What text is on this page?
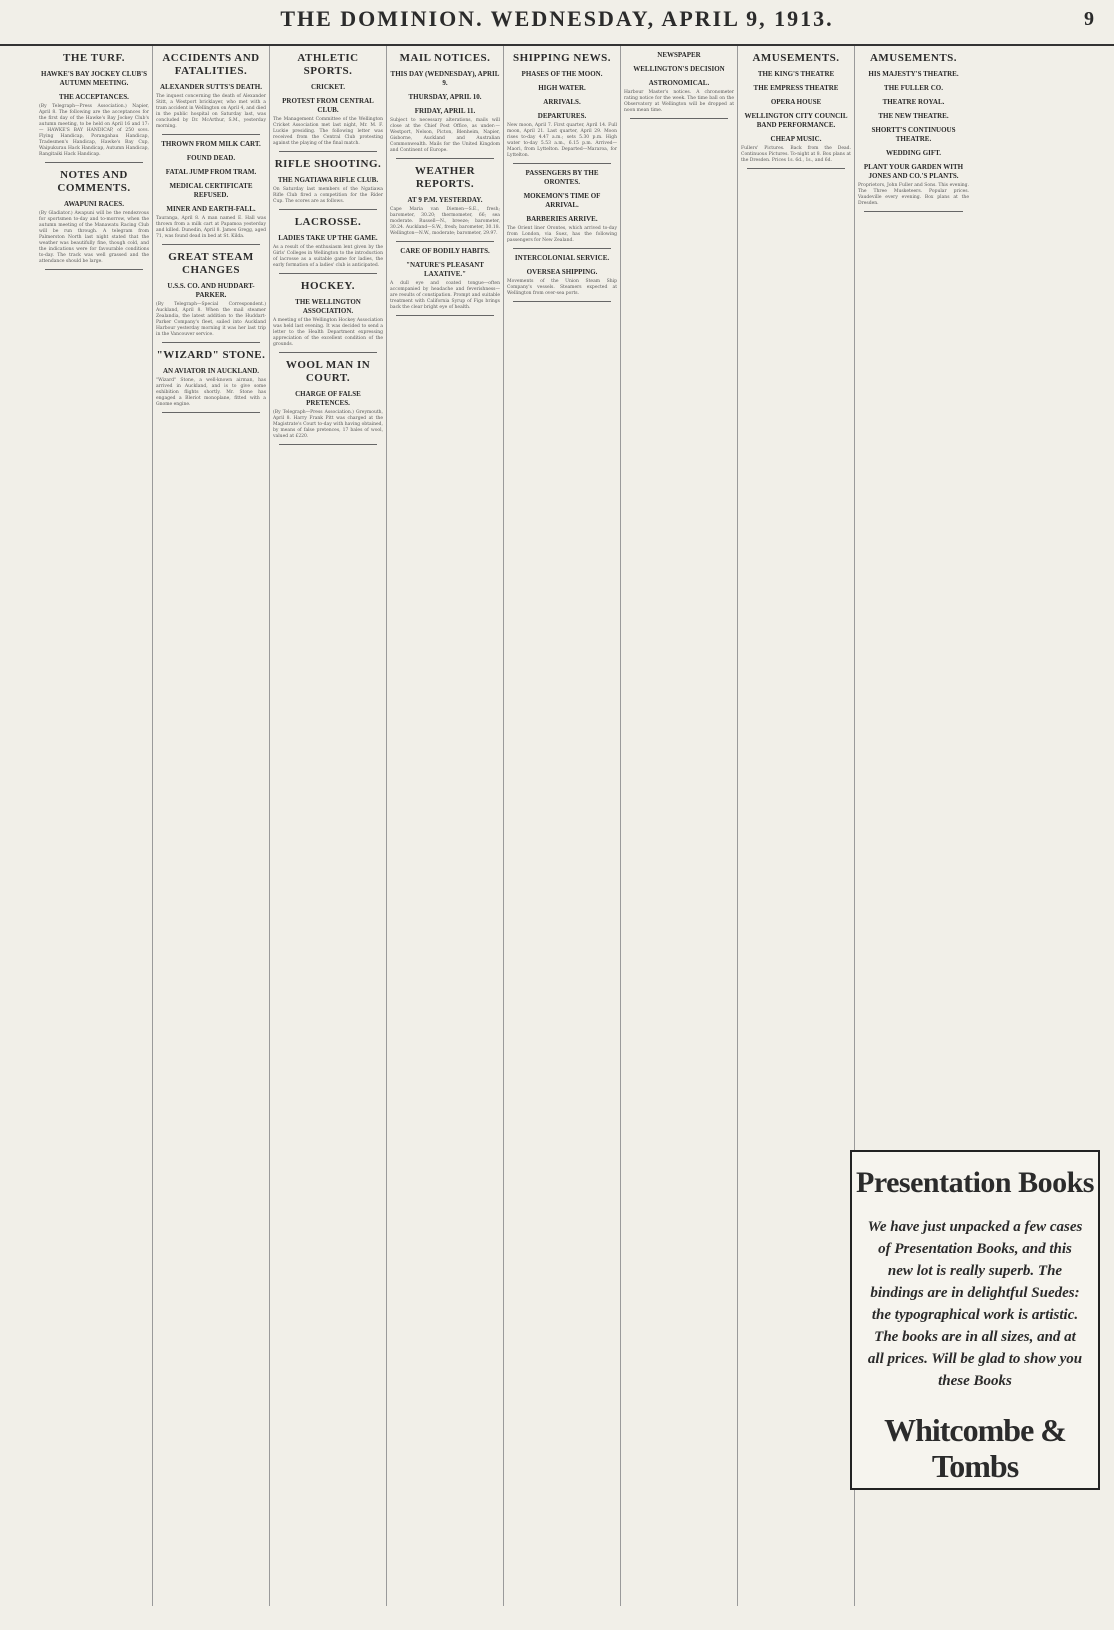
THE DOMINION. WEDNESDAY, APRIL 9, 1913.	9
THE TURF.
HAWKE'S BAY JOCKEY CLUB'S AUTUMN MEETING.
THE ACCEPTANCES.
(By Telegraph—Press Association.) Napier, April 8. The following are the acceptances for the first day of the Hawke's Bay Jockey Club's autumn meeting, to be held on April 16 and 17:— HAWKE'S BAY HANDICAP, of 250 sovs. Flying Handicap, Porangahau Handicap, Tradesmen's Handicap, Hawke's Bay Cup, Waipukurau Hack Handicap, Autumn Handicap, Rangitaiki Hack Handicap.
NOTES AND COMMENTS.
AWAPUNI RACES.
(By Gladiator.) Awapuni will be the rendezvous for sportsmen to-day and to-morrow, when the autumn meeting of the Manawatu Racing Club will be run through. A telegram from Palmerston North last night stated that the weather was beautifully fine, though cold, and the indications were for favourable conditions to-day. The track was well grassed and the attendance should be large.
ACCIDENTS AND FATALITIES.
ALEXANDER SUTTS'S DEATH.
The inquest concerning the death of Alexander Stitt, a Westport bricklayer, who met with a tram accident in Wellington on April 4, and died in the public hospital on Saturday last, was concluded by Dr. McArthur, S.M., yesterday morning.
THROWN FROM MILK CART.
FOUND DEAD.
FATAL JUMP FROM TRAM.
MEDICAL CERTIFICATE REFUSED.
MINER AND EARTH-FALL.
Tauranga, April 8. A man named E. Hall was thrown from a milk cart at Papamoa yesterday and killed. Dunedin, April 8. James Gregg, aged 71, was found dead in bed at St. Kilda.
GREAT STEAM CHANGES
U.S.S. CO. AND HUDDART-PARKER.
(By Telegraph—Special Correspondent.) Auckland, April 8. When the mail steamer Zealandia, the latest addition to the Huddart-Parker Company's fleet, sailed into Auckland Harbour yesterday morning it was her last trip in the Vancouver service.
"WIZARD" STONE.
AN AVIATOR IN AUCKLAND.
"Wizard" Stone, a well-known airman, has arrived in Auckland, and is to give some exhibition flights shortly. Mr. Stone has engaged a Bleriot monoplane, fitted with a Gnome engine.
ATHLETIC SPORTS.
CRICKET.
PROTEST FROM CENTRAL CLUB.
The Management Committee of the Wellington Cricket Association met last night, Mr. M. F. Luckie presiding. The following letter was received from the Central Club protesting against the playing of the final match.
RIFLE SHOOTING.
THE NGATIAWA RIFLE CLUB.
On Saturday last members of the Ngatiawa Rifle Club fired a competition for the Rider Cup. The scores are as follows.
LACROSSE.
LADIES TAKE UP THE GAME.
As a result of the enthusiasm lent given by the Girls' Colleges in Wellington to the introduction of lacrosse as a suitable game for ladies, the early formation of a ladies' club is anticipated.
HOCKEY.
THE WELLINGTON ASSOCIATION.
A meeting of the Wellington Hockey Association was held last evening. It was decided to send a letter to the Health Department expressing appreciation of the excellent condition of the grounds.
WOOL MAN IN COURT.
CHARGE OF FALSE PRETENCES.
(By Telegraph—Press Association.) Greymouth, April 8. Harry Frank Pitt was charged at the Magistrate's Court to-day with having obtained, by means of false pretences, 17 bales of wool, valued at £220.
MAIL NOTICES.
THIS DAY (WEDNESDAY), APRIL 9.
THURSDAY, APRIL 10.
FRIDAY, APRIL 11.
Subject to necessary alterations, mails will close at the Chief Post Office, as under:— Westport, Nelson, Picton, Blenheim, Napier, Gisborne, Auckland and Australian Commonwealth. Mails for the United Kingdom and Continent of Europe.
WEATHER REPORTS.
AT 9 P.M. YESTERDAY.
Cape Maria van Diemen—S.E., fresh; barometer, 30.20; thermometer, 66; sea moderate. Russell—N., breeze; barometer, 30.24. Auckland—S.W., fresh; barometer, 30.18. Wellington—N.W., moderate; barometer, 29.97.
CARE OF BODILY HABITS.
"NATURE'S PLEASANT LAXATIVE."
A dull eye and coated tongue—often accompanied by headache and feverishness—are results of constipation. Prompt and suitable treatment with California Syrup of Figs brings back the clear bright eye of health.
SHIPPING NEWS.
PHASES OF THE MOON.
HIGH WATER.
ARRIVALS.
DEPARTURES.
New moon, April 7. First quarter, April 14. Full moon, April 21. Last quarter, April 29. Moon rises to-day 4.47 a.m.; sets 5.30 p.m. High water to-day 5.53 a.m., 6.15 p.m. Arrived—Maori, from Lyttelton. Departed—Mararoa, for Lyttelton.
PASSENGERS BY THE ORONTES.
MOKEMON'S TIME OF ARRIVAL.
BARBERIES ARRIVE.
The Orient liner Orontes, which arrived to-day from London, via Suez, has the following passengers for New Zealand.
INTERCOLONIAL SERVICE.
OVERSEA SHIPPING.
Movements of the Union Steam Ship Company's vessels. Steamers expected at Wellington from over-sea ports.
NEWSPAPER
WELLINGTON'S DECISION
ASTRONOMICAL.
Harbour Master's notices. A chronometer rating notice for the week. The time ball on the Observatory at Wellington will be dropped at noon mean time.
AMUSEMENTS.
THE KING'S THEATRE
THE EMPRESS THEATRE
OPERA HOUSE
WELLINGTON CITY COUNCIL BAND PERFORMANCE.
CHEAP MUSIC.
Fullers' Pictures. Back from the Dead. Continuous Pictures. To-night at 8. Box plans at the Dresden. Prices 1s. 6d., 1s., and 6d.
AMUSEMENTS.
HIS MAJESTY'S THEATRE.
THE FULLER CO.
THEATRE ROYAL.
THE NEW THEATRE.
SHORTT'S CONTINUOUS THEATRE.
WEDDING GIFT.
PLANT YOUR GARDEN WITH JONES AND CO.'S PLANTS.
Proprietors, John Fuller and Sons. This evening. The Three Musketeers. Popular prices. Vaudeville every evening. Box plans at the Dresden.
Presentation Books
We have just unpacked a few cases of Presentation Books, and this new lot is really superb. The bindings are in delightful Suedes: the typographical work is artistic. The books are in all sizes, and at all prices. Will be glad to show you these Books
Whitcombe & Tombs
